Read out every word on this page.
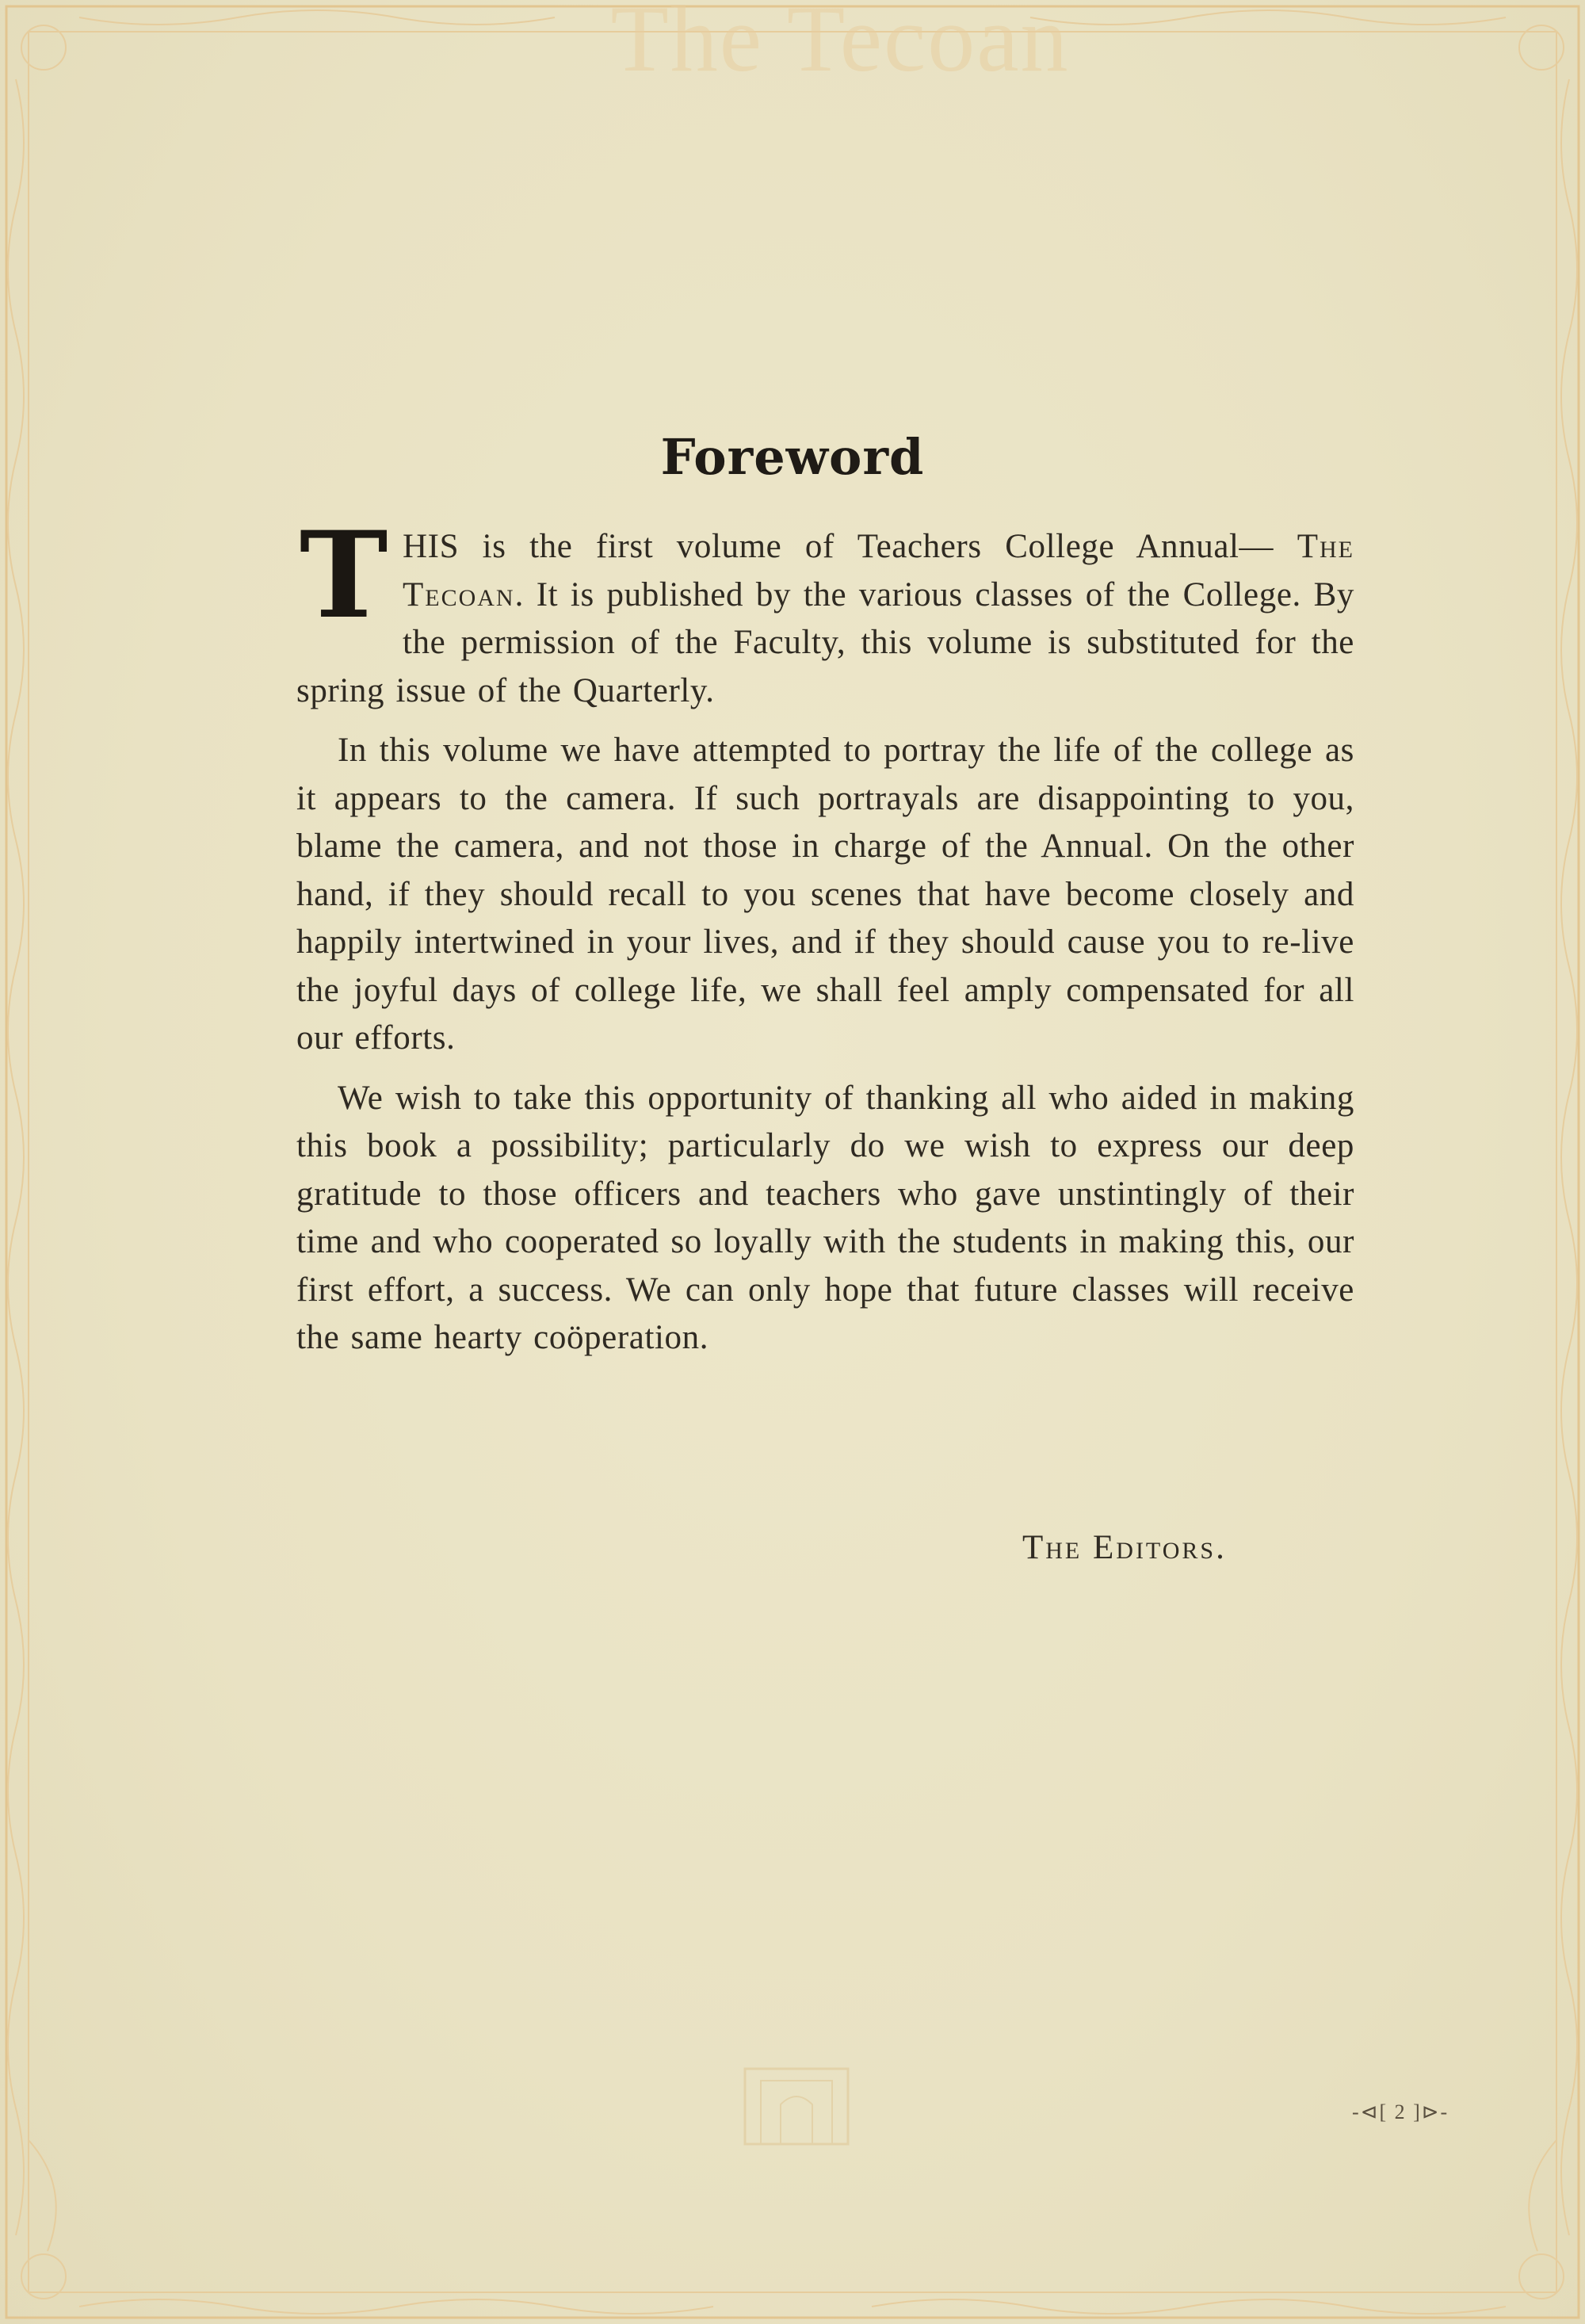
The Tecoan
Foreword

THIS is the first volume of Teachers College Annual— The Tecoan. It is published by the various classes of the College. By the permission of the Faculty, this volume is substituted for the spring issue of the Quarterly.

In this volume we have attempted to portray the life of the college as it appears to the camera. If such portrayals are disappointing to you, blame the camera, and not those in charge of the Annual. On the other hand, if they should recall to you scenes that have become closely and happily intertwined in your lives, and if they should cause you to re-live the joyful days of college life, we shall feel amply compensated for all our efforts.

We wish to take this opportunity of thanking all who aided in making this book a possibility; particularly do we wish to express our deep gratitude to those officers and teachers who gave unstintingly of their time and who cooperated so loyally with the students in making this, our first effort, a success. We can only hope that future classes will receive the same hearty coöperation.

The Editors.
-⊲[ 2 ]⊳-
